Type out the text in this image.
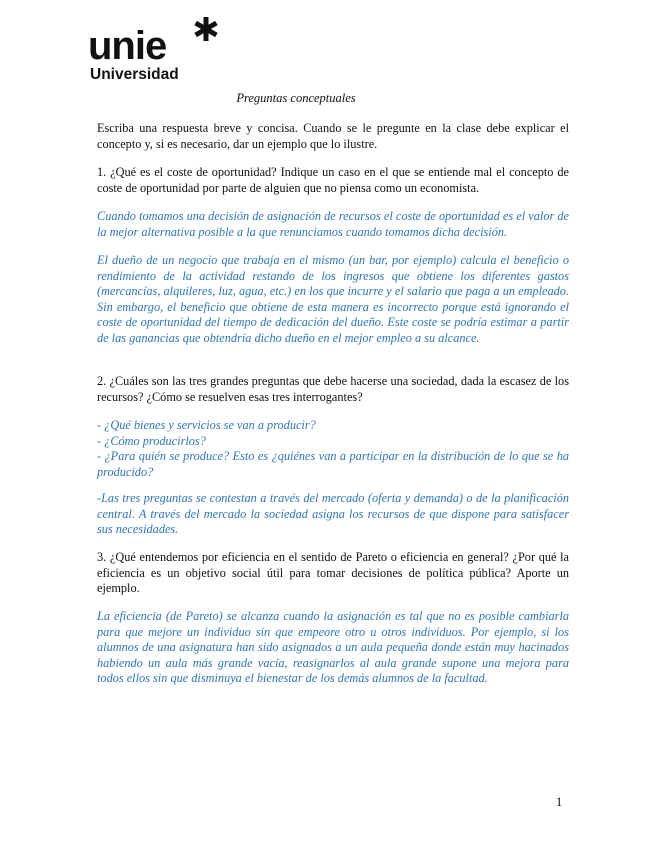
unie
Universidad
Preguntas conceptuales

Escriba una respuesta breve y concisa. Cuando se le pregunte en la clase debe explicar el concepto y, si es necesario, dar un ejemplo que lo ilustre.

1. ¿Qué es el coste de oportunidad? Indique un caso en el que se entiende mal el concepto de coste de oportunidad por parte de alguien que no piensa como un economista.

Cuando tomamos una decisión de asignación de recursos el coste de oportunidad es el valor de la mejor alternativa posible a la que renunciamos cuando tomamos dicha decisión.

El dueño de un negocio que trabaja en el mismo (un bar, por ejemplo) calcula el beneficio o rendimiento de la actividad restando de los ingresos que obtiene los diferentes gastos (mercancías, alquileres, luz, agua, etc.) en los que incurre y el salario que paga a un empleado. Sin embargo, el beneficio que obtiene de esta manera es incorrecto porque está ignorando el coste de oportunidad del tiempo de dedicación del dueño. Este coste se podría estimar a partir de las ganancias que obtendría dicho dueño en el mejor empleo a su alcance.

2. ¿Cuáles son las tres grandes preguntas que debe hacerse una sociedad, dada la escasez de los recursos? ¿Cómo se resuelven esas tres interrogantes?

- ¿Qué bienes y servicios se van a producir?

- ¿Cómo producirlos?

- ¿Para quién se produce? Esto es ¿quiénes van a participar en la distribución de lo que se ha producido?

-Las tres preguntas se contestan a través del mercado (oferta y demanda) o de la planificación central. A través del mercado la sociedad asigna los recursos de que dispone para satisfacer sus necesidades.

3. ¿Qué entendemos por eficiencia en el sentido de Pareto o eficiencia en general? ¿Por qué la eficiencia es un objetivo social útil para tomar decisiones de política pública? Aporte un ejemplo.

La eficiencia (de Pareto) se alcanza cuando la asignación es tal que no es posible cambiarla para que mejore un individuo sin que empeore otro u otros individuos. Por ejemplo, si los alumnos de una asignatura han sido asignados a un aula pequeña donde están muy hacinados habiendo un aula más grande vacía, reasignarlos al aula grande supone una mejora para todos ellos sin que disminuya el bienestar de los demás alumnos de la facultad.

1
